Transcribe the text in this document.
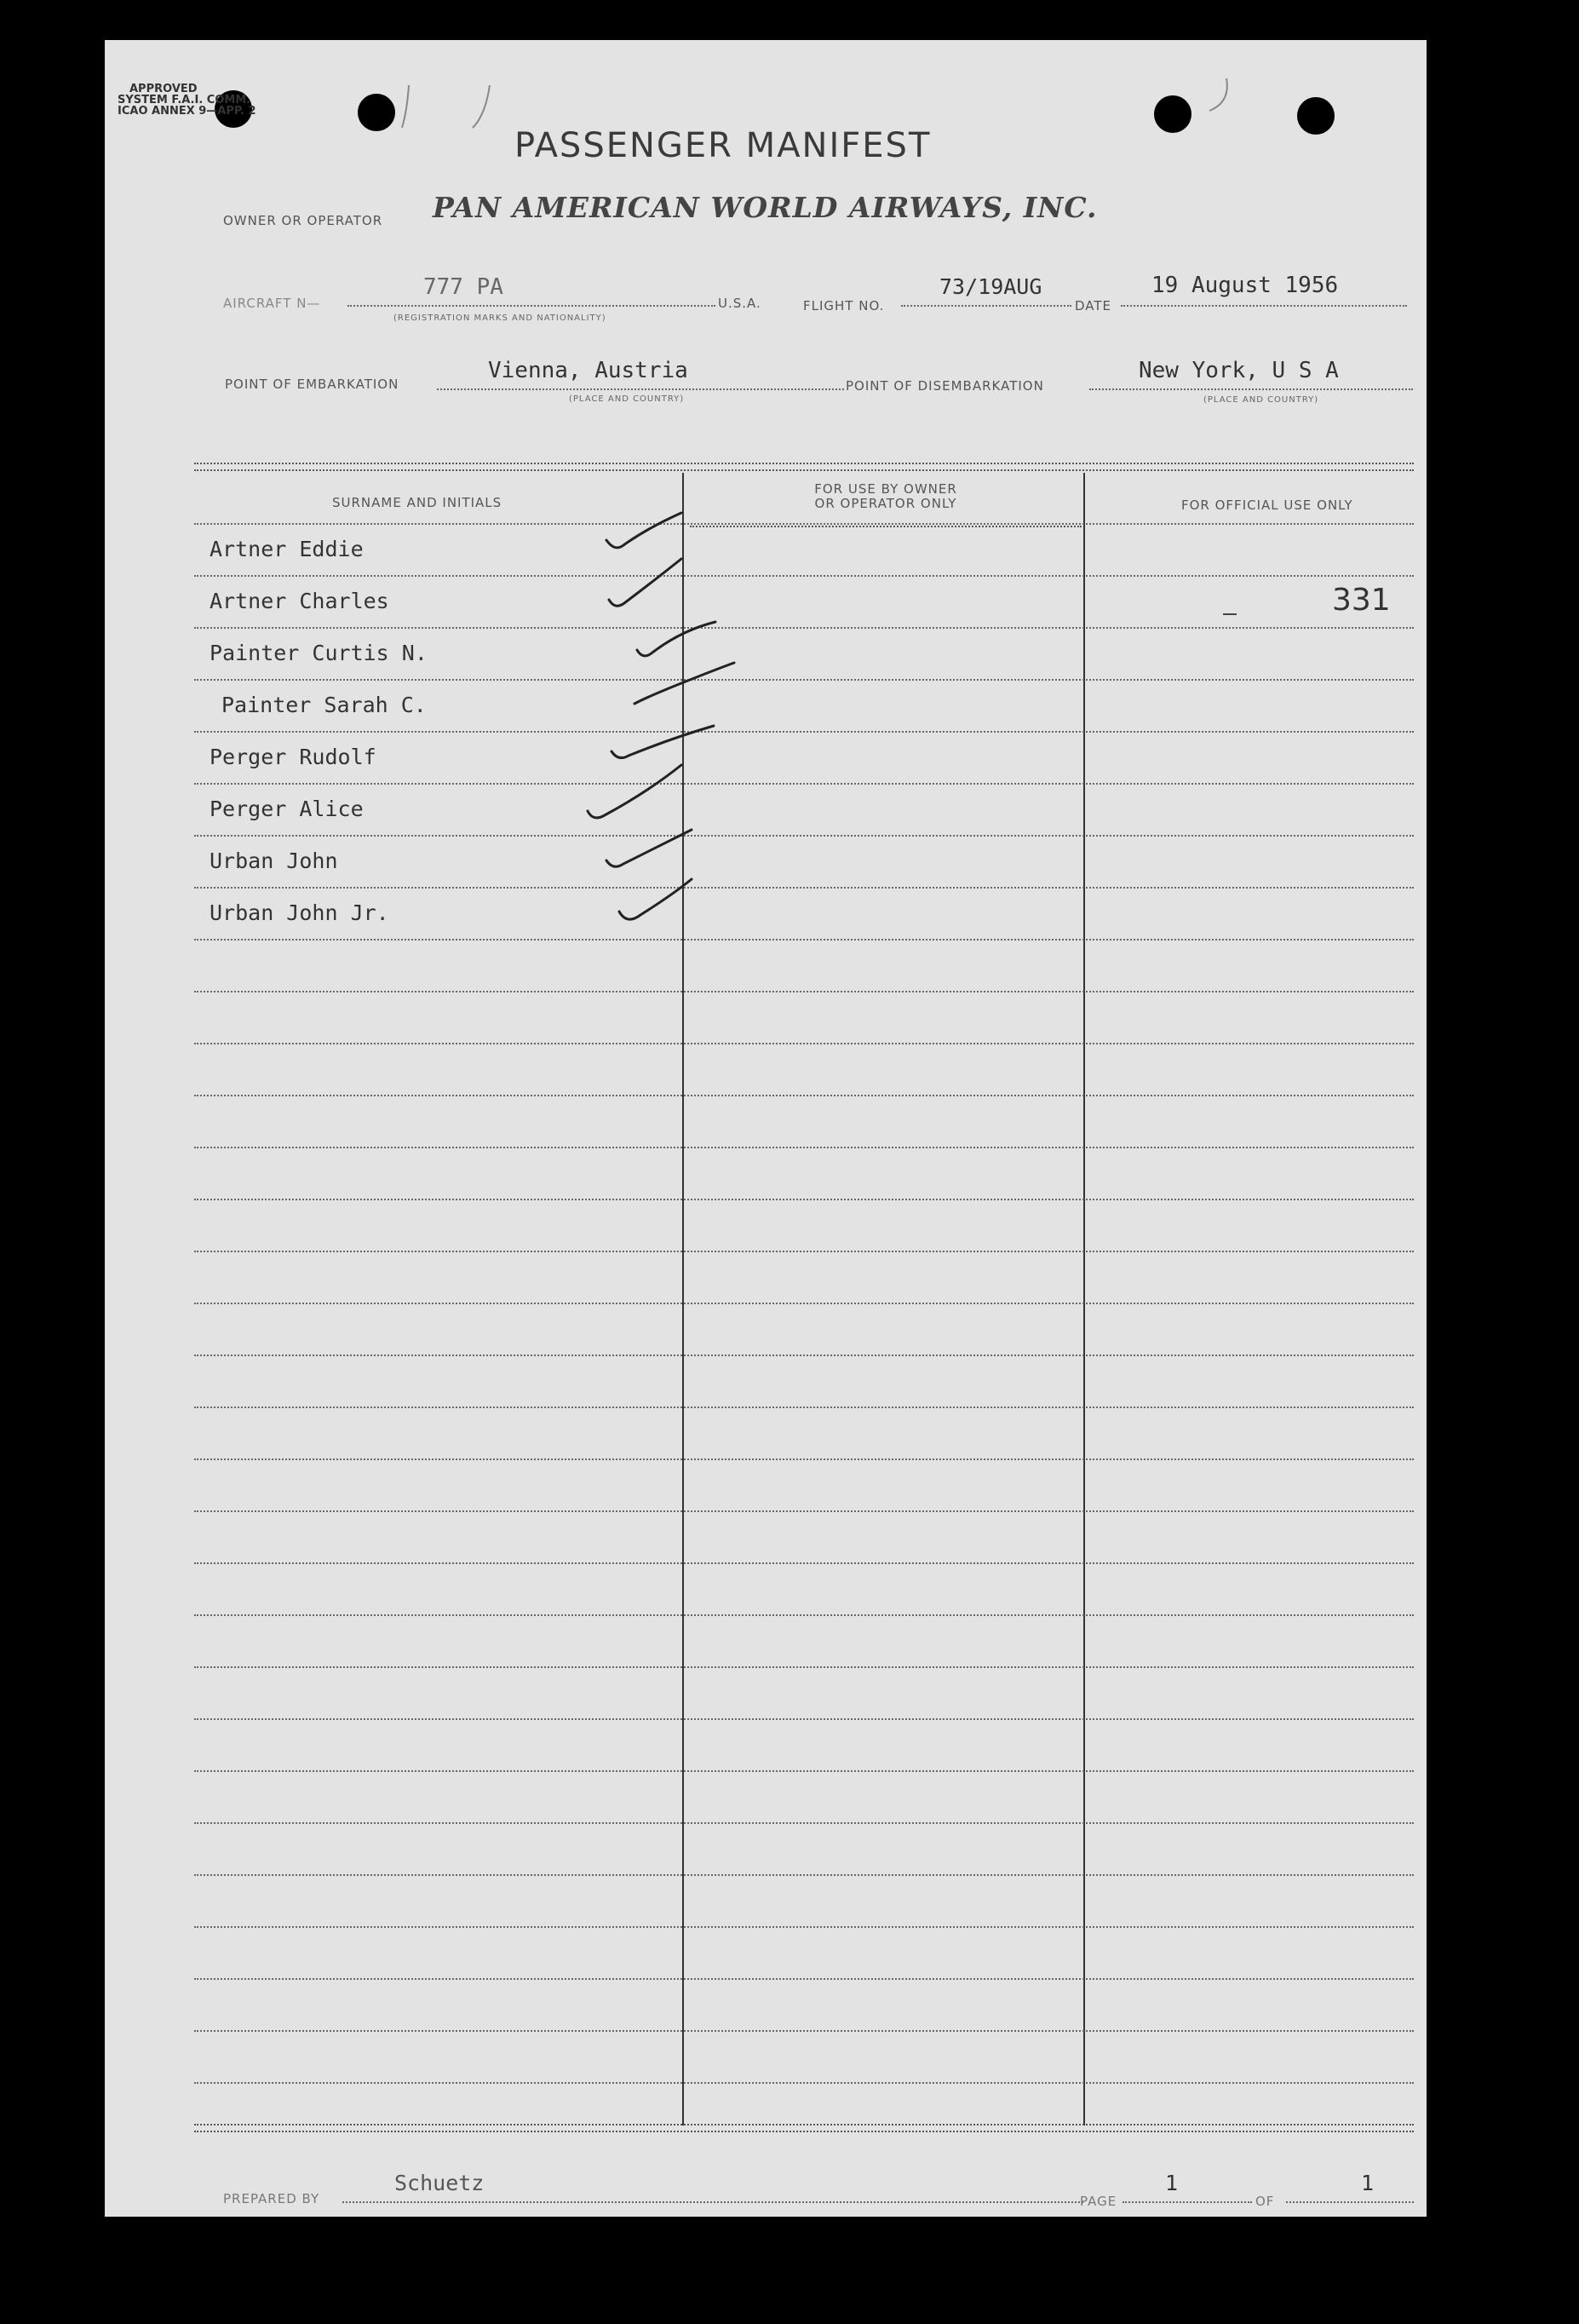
APPROVED
SYSTEM F.A.I. COMM.
ICAO ANNEX 9—APP. 2
PASSENGER MANIFEST
OWNER OR OPERATOR PAN AMERICAN WORLD AIRWAYS, INC.
AIRCRAFT N—
777 PA
(REGISTRATION MARKS AND NATIONALITY)
U.S.A.	FLIGHT NO.
73/19AUG
DATE
19 August 1956
POINT OF EMBARKATION
Vienna, Austria
(PLACE AND COUNTRY)
POINT OF DISEMBARKATION
New York, U S A
(PLACE AND COUNTRY)
SURNAME AND INITIALS
FOR USE BY OWNER
OR OPERATOR ONLY	FOR OFFICIAL USE ONLY
Artner Eddie
Artner Charles
Painter Curtis N.
Painter Sarah C.
Perger Rudolf
Perger Alice
Urban John
Urban John Jr.
331
PREPARED BY
Schuetz
PAGE
1
OF
1
